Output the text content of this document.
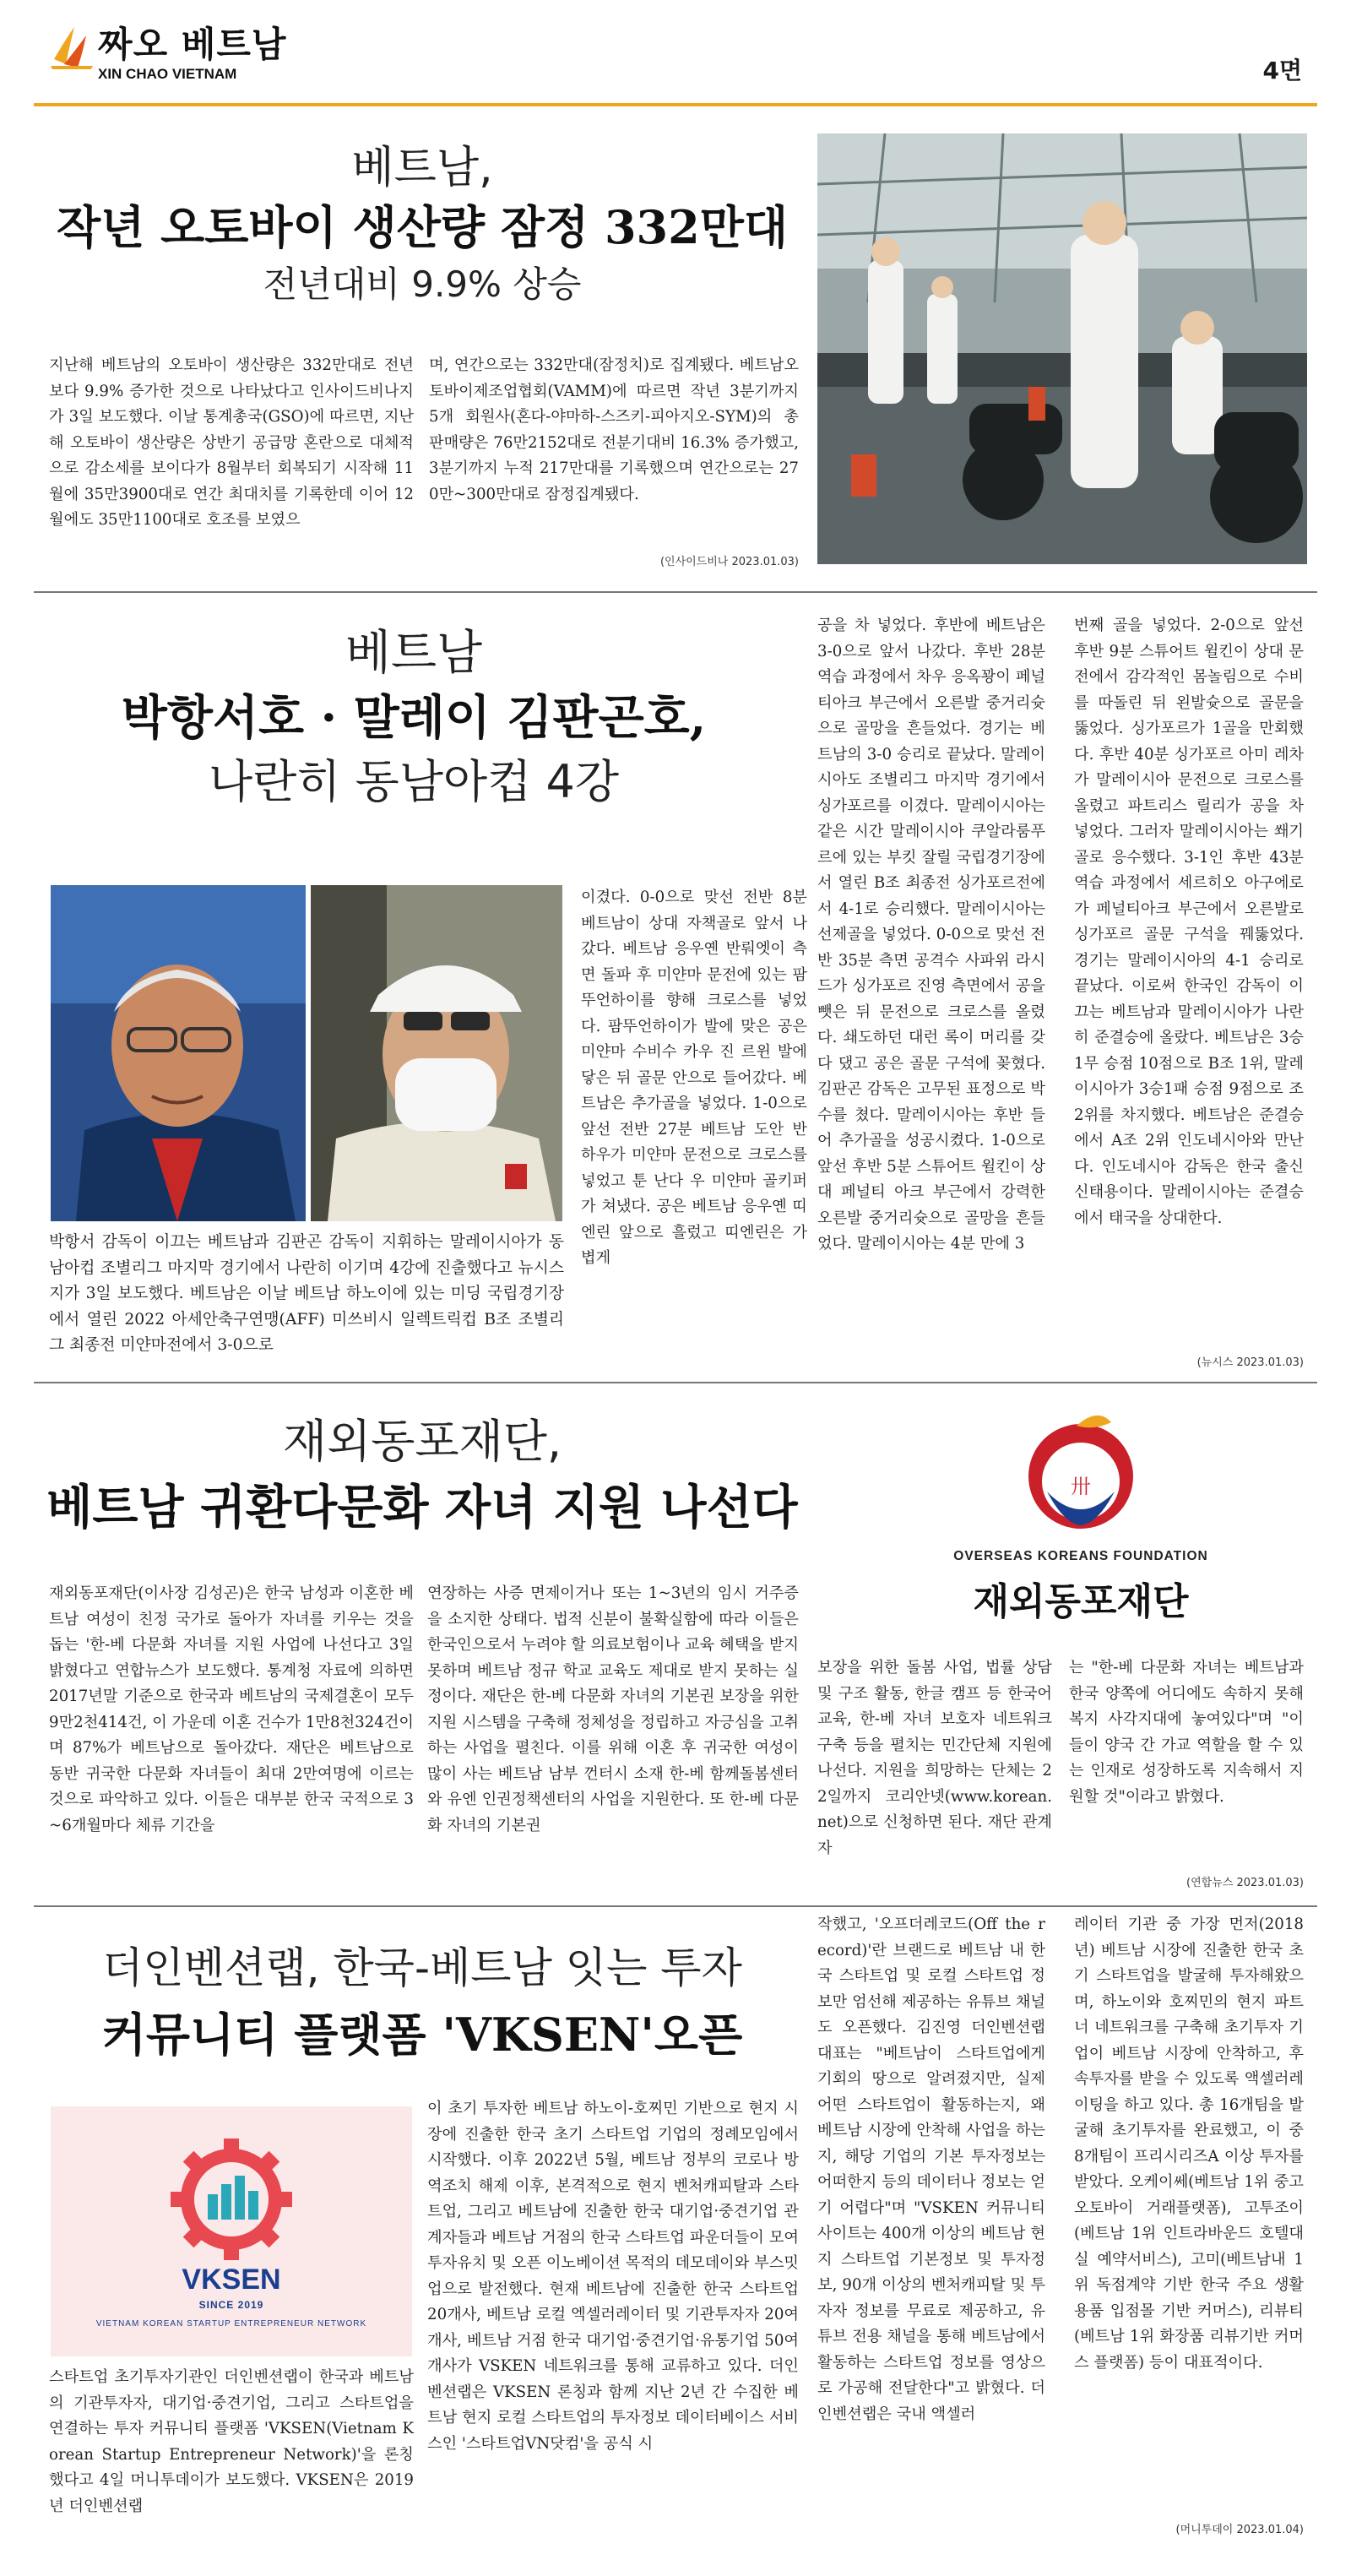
짜오 베트남
XIN CHAO VIETNAM	4면
베트남,
작년 오토바이 생산량 잠정 332만대
전년대비 9.9% 상승
지난해 베트남의 오토바이 생산량은 332만대로 전년보다 9.9% 증가한 것으로 나타났다고 인사이드비나지가 3일 보도했다. 이날 통계총국(GSO)에 따르면, 지난해 오토바이 생산량은 상반기 공급망 혼란으로 대체적으로 감소세를 보이다가 8월부터 회복되기 시작해 11월에 35만3900대로 연간 최대치를 기록한데 이어 12월에도 35만1100대로 호조를 보였으
며, 연간으로는 332만대(잠정치)로 집계됐다. 베트남오토바이제조업협회(VAMM)에 따르면 작년 3분기까지 5개 회원사(혼다-야마하-스즈키-피아지오-SYM)의 총판매량은 76만2152대로 전분기대비 16.3% 증가했고, 3분기까지 누적 217만대를 기록했으며 연간으로는 270만~300만대로 잠정집계됐다.
(인사이드비나 2023.01.03)
베트남
박항서호 · 말레이 김판곤호,
나란히 동남아컵 4강
박항서 감독이 이끄는 베트남과 김판곤 감독이 지휘하는 말레이시아가 동남아컵 조별리그 마지막 경기에서 나란히 이기며 4강에 진출했다고 뉴시스지가 3일 보도했다. 베트남은 이날 베트남 하노이에 있는 미딩 국립경기장에서 열린 2022 아세안축구연맹(AFF) 미쓰비시 일렉트릭컵 B조 조별리그 최종전 미얀마전에서 3-0으로
이겼다. 0-0으로 맞선 전반 8분 베트남이 상대 자책골로 앞서 나갔다. 베트남 응우옌 반뤄엣이 측면 돌파 후 미얀마 문전에 있는 팜뚜언하이를 향해 크로스를 넣었다. 팜뚜언하이가 발에 맞은 공은 미얀마 수비수 카우 진 르윈 발에 닿은 뒤 골문 안으로 들어갔다. 베트남은 추가골을 넣었다. 1-0으로 앞선 전반 27분 베트남 도안 반 하우가 미얀마 문전으로 크로스를 넣었고 툰 난다 우 미얀마 골키퍼가 쳐냈다. 공은 베트남 응우옌 띠엔린 앞으로 흘렀고 띠엔린은 가볍게
공을 차 넣었다. 후반에 베트남은 3-0으로 앞서 나갔다. 후반 28분 역습 과정에서 차우 응옥꽝이 페널티아크 부근에서 오른발 중거리슛으로 골망을 흔들었다. 경기는 베트남의 3-0 승리로 끝났다. 말레이시아도 조별리그 마지막 경기에서 싱가포르를 이겼다. 말레이시아는 같은 시간 말레이시아 쿠알라룸푸르에 있는 부킷 잘릴 국립경기장에서 열린 B조 최종전 싱가포르전에서 4-1로 승리했다. 말레이시아는 선제골을 넣었다. 0-0으로 맞선 전반 35분 측면 공격수 사파위 라시드가 싱가포르 진영 측면에서 공을 뺏은 뒤 문전으로 크로스를 올렸다. 쇄도하던 대런 록이 머리를 갖다 댔고 공은 골문 구석에 꽂혔다. 김판곤 감독은 고무된 표정으로 박수를 쳤다. 말레이시아는 후반 들어 추가골을 성공시켰다. 1-0으로 앞선 후반 5분 스튜어트 윌킨이 상대 페널티 아크 부근에서 강력한 오른발 중거리슛으로 골망을 흔들었다. 말레이시아는 4분 만에 3
번째 골을 넣었다. 2-0으로 앞선 후반 9분 스튜어트 윌킨이 상대 문전에서 감각적인 몸놀림으로 수비를 따돌린 뒤 왼발슛으로 골문을 뚫었다. 싱가포르가 1골을 만회했다. 후반 40분 싱가포르 아미 레차가 말레이시아 문전으로 크로스를 올렸고 파트리스 릴리가 공을 차 넣었다. 그러자 말레이시아는 쐐기골로 응수했다. 3-1인 후반 43분 역습 과정에서 세르히오 아구에로가 페널티아크 부근에서 오른발로 싱가포르 골문 구석을 꿰뚫었다. 경기는 말레이시아의 4-1 승리로 끝났다. 이로써 한국인 감독이 이끄는 베트남과 말레이시아가 나란히 준결승에 올랐다. 베트남은 3승1무 승점 10점으로 B조 1위, 말레이시아가 3승1패 승점 9점으로 조 2위를 차지했다. 베트남은 준결승에서 A조 2위 인도네시아와 만난다. 인도네시아 감독은 한국 출신 신태용이다. 말레이시아는 준결승에서 태국을 상대한다.
(뉴시스 2023.01.03)
재외동포재단,
베트남 귀환다문화 자녀 지원 나선다	卅
OVERSEAS KOREANS FOUNDATION
재외동포재단
재외동포재단(이사장 김성곤)은 한국 남성과 이혼한 베트남 여성이 친정 국가로 돌아가 자녀를 키우는 것을 돕는 '한-베 다문화 자녀를 지원 사업에 나선다고 3일 밝혔다고 연합뉴스가 보도했다. 통계청 자료에 의하면 2017년말 기준으로 한국과 베트남의 국제결혼이 모두 9만2천414건, 이 가운데 이혼 건수가 1만8천324건이며 87%가 베트남으로 돌아갔다. 재단은 베트남으로 동반 귀국한 다문화 자녀들이 최대 2만여명에 이르는 것으로 파악하고 있다. 이들은 대부분 한국 국적으로 3~6개월마다 체류 기간을
연장하는 사증 면제이거나 또는 1~3년의 임시 거주증을 소지한 상태다. 법적 신분이 불확실함에 따라 이들은 한국인으로서 누려야 할 의료보험이나 교육 혜택을 받지 못하며 베트남 정규 학교 교육도 제대로 받지 못하는 실정이다. 재단은 한-베 다문화 자녀의 기본권 보장을 위한 지원 시스템을 구축해 정체성을 정립하고 자긍심을 고취하는 사업을 펼친다. 이를 위해 이혼 후 귀국한 여성이 많이 사는 베트남 남부 껀터시 소재 한-베 함께돌봄센터와 유엔 인권정책센터의 사업을 지원한다. 또 한-베 다문화 자녀의 기본권
보장을 위한 돌봄 사업, 법률 상담 및 구조 활동, 한글 캠프 등 한국어 교육, 한-베 자녀 보호자 네트워크 구축 등을 펼치는 민간단체 지원에 나선다. 지원을 희망하는 단체는 22일까지 코리안넷(www.korean.net)으로 신청하면 된다. 재단 관계자
는 "한-베 다문화 자녀는 베트남과 한국 양쪽에 어디에도 속하지 못해 복지 사각지대에 놓여있다"며 "이들이 양국 간 가교 역할을 할 수 있는 인재로 성장하도록 지속해서 지원할 것"이라고 밝혔다.
(연합뉴스 2023.01.03)
더인벤션랩, 한국-베트남 잇는 투자
커뮤니티 플랫폼 'VKSEN'오픈
VKSEN
SINCE 2019
VIETNAM KOREAN STARTUP ENTREPRENEUR NETWORK
스타트업 초기투자기관인 더인벤션랩이 한국과 베트남의 기관투자자, 대기업·중견기업, 그리고 스타트업을 연결하는 투자 커뮤니티 플랫폼 'VKSEN(Vietnam Korean Startup Entrepreneur Network)'을 론칭했다고 4일 머니투데이가 보도했다. VKSEN은 2019년 더인벤션랩
이 초기 투자한 베트남 하노이-호찌민 기반으로 현지 시장에 진출한 한국 초기 스타트업 기업의 정례모임에서 시작했다. 이후 2022년 5월, 베트남 정부의 코로나 방역조치 해제 이후, 본격적으로 현지 벤처캐피탈과 스타트업, 그리고 베트남에 진출한 한국 대기업·중견기업 관계자들과 베트남 거점의 한국 스타트업 파운더들이 모여 투자유치 및 오픈 이노베이션 목적의 데모데이와 부스밋업으로 발전했다. 현재 베트남에 진출한 한국 스타트업 20개사, 베트남 로컬 엑셀러레이터 및 기관투자자 20여개사, 베트남 거점 한국 대기업·중견기업·유통기업 50여개사가 VSKEN 네트워크를 통해 교류하고 있다. 더인벤션랩은 VKSEN 론칭과 함께 지난 2년 간 수집한 베트남 현지 로컬 스타트업의 투자정보 데이터베이스 서비스인 '스타트업VN닷컴'을 공식 시
작했고, '오프더레코드(Off the record)'란 브랜드로 베트남 내 한국 스타트업 및 로컬 스타트업 정보만 엄선해 제공하는 유튜브 채널도 오픈했다. 김진영 더인벤션랩 대표는 "베트남이 스타트업에게 기회의 땅으로 알려졌지만, 실제 어떤 스타트업이 활동하는지, 왜 베트남 시장에 안착해 사업을 하는지, 해당 기업의 기본 투자정보는 어떠한지 등의 데이터나 정보는 얻기 어렵다"며 "VSKEN 커뮤니티 사이트는 400개 이상의 베트남 현지 스타트업 기본정보 및 투자정보, 90개 이상의 벤처캐피탈 및 투자자 정보를 무료로 제공하고, 유튜브 전용 채널을 통해 베트남에서 활동하는 스타트업 정보를 영상으로 가공해 전달한다"고 밝혔다. 더인벤션랩은 국내 액셀러
레이터 기관 중 가장 먼저(2018년) 베트남 시장에 진출한 한국 초기 스타트업을 발굴해 투자해왔으며, 하노이와 호찌민의 현지 파트너 네트워크를 구축해 초기투자 기업이 베트남 시장에 안착하고, 후속투자를 받을 수 있도록 액셀러레이팅을 하고 있다. 총 16개팀을 발굴해 초기투자를 완료했고, 이 중 8개팀이 프리시리즈A 이상 투자를 받았다. 오케이쎄(베트남 1위 중고오토바이 거래플랫폼), 고투조이(베트남 1위 인트라바운드 호텔대실 예약서비스), 고미(베트남내 1위 독점계약 기반 한국 주요 생활용품 입점몰 기반 커머스), 리뷰티(베트남 1위 화장품 리뷰기반 커머스 플랫폼) 등이 대표적이다.
(머니투데이 2023.01.04)
